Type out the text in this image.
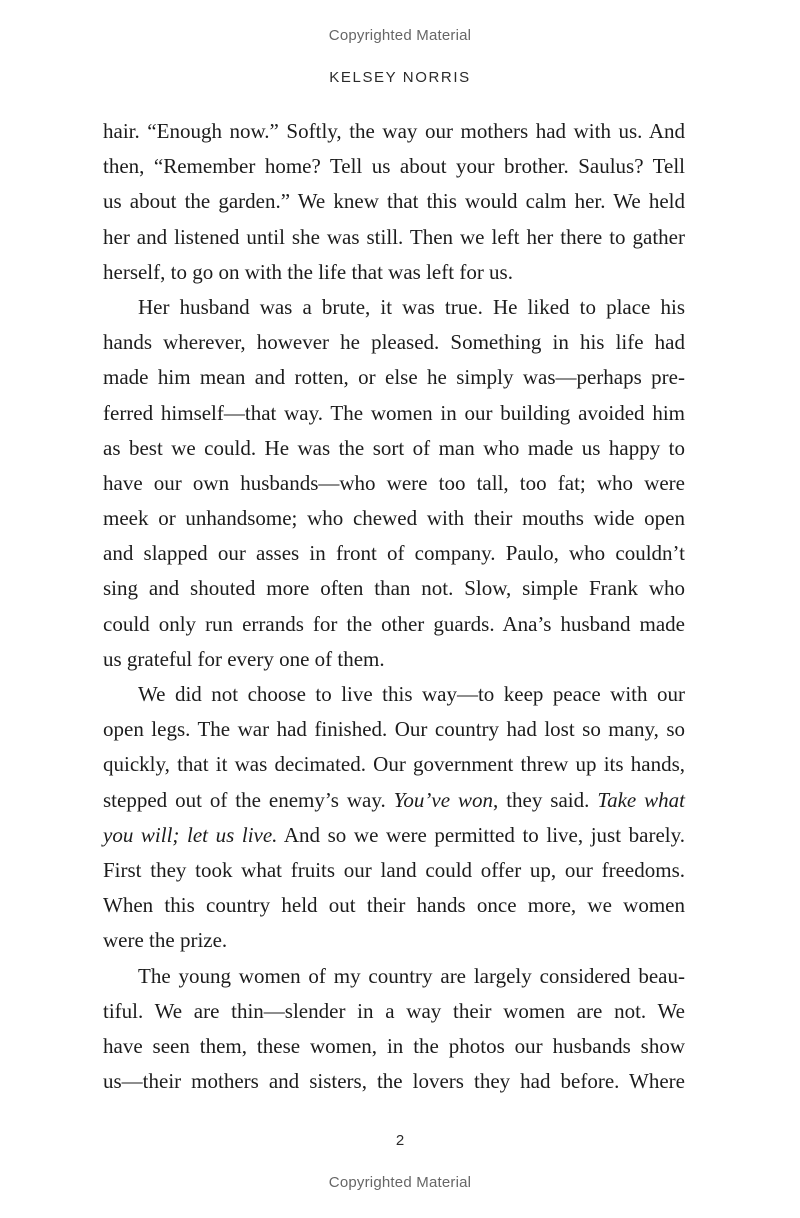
Copyrighted Material
KELSEY NORRIS
hair. “Enough now.” Softly, the way our mothers had with us. And
then, “Remember home? Tell us about your brother. Saulus? Tell
us about the garden.” We knew that this would calm her. We held
her and listened until she was still. Then we left her there to gather
herself, to go on with the life that was left for us.
Her husband was a brute, it was true. He liked to place his
hands wherever, however he pleased. Something in his life had
made him mean and rotten, or else he simply was—perhaps pre-
ferred himself—that way. The women in our building avoided him
as best we could. He was the sort of man who made us happy to
have our own husbands—who were too tall, too fat; who were
meek or unhandsome; who chewed with their mouths wide open
and slapped our asses in front of company. Paulo, who couldn’t
sing and shouted more often than not. Slow, simple Frank who
could only run errands for the other guards. Ana’s husband made
us grateful for every one of them.
We did not choose to live this way—to keep peace with our
open legs. The war had finished. Our country had lost so many, so
quickly, that it was decimated. Our government threw up its hands,
stepped out of the enemy’s way. You’ve won, they said. Take what
you will; let us live. And so we were permitted to live, just barely.
First they took what fruits our land could offer up, our freedoms.
When this country held out their hands once more, we women
were the prize.
The young women of my country are largely considered beau-
tiful. We are thin—slender in a way their women are not. We
have seen them, these women, in the photos our husbands show
us—their mothers and sisters, the lovers they had before. Where
2
Copyrighted Material
